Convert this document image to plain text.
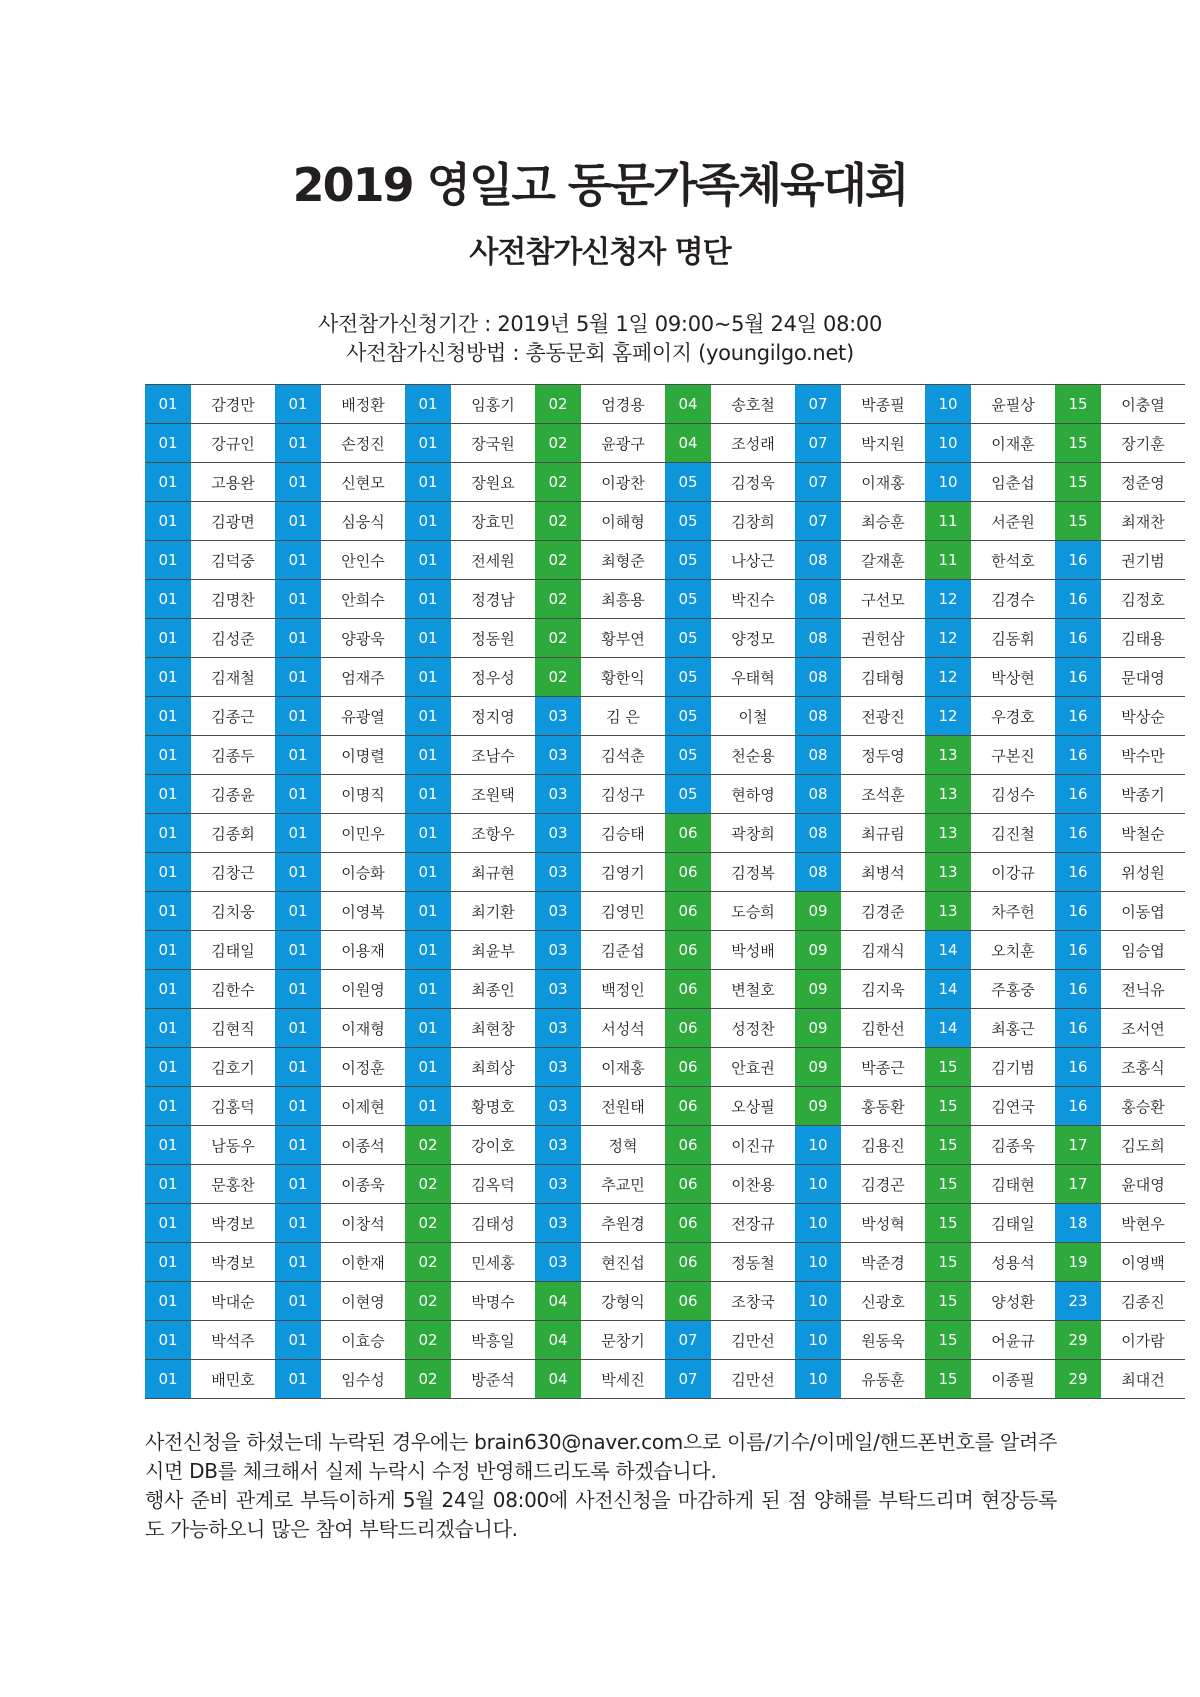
2019 영일고 동문가족체육대회
사전참가신청자 명단
사전참가신청기간 : 2019년 5월 1일 09:00~5월 24일 08:00
사전참가신청방법 : 총동문회 홈페이지 (youngilgo.net)
01	감경만	01	배정환	01	임홍기	02	엄경용	04	송호철	07	박종필	10	윤필상	15	이충열
01	강규인	01	손정진	01	장국원	02	윤광구	04	조성래	07	박지원	10	이재훈	15	장기훈
01	고용완	01	신현모	01	장원요	02	이광찬	05	김정욱	07	이재홍	10	임춘섭	15	정준영
01	김광면	01	심웅식	01	장효민	02	이해형	05	김창희	07	최승훈	11	서준원	15	최재찬
01	김덕중	01	안인수	01	전세원	02	최형준	05	나상근	08	갈재훈	11	한석호	16	권기범
01	김명찬	01	안희수	01	정경남	02	최흥용	05	박진수	08	구선모	12	김경수	16	김정호
01	김성준	01	양광욱	01	정동원	02	황부연	05	양정모	08	권헌삼	12	김동휘	16	김태용
01	김재철	01	엄재주	01	정우성	02	황한익	05	우태혁	08	김태형	12	박상현	16	문대영
01	김종근	01	유광열	01	정지영	03	김 은	05	이철	08	전광진	12	우경호	16	박상순
01	김종두	01	이명렬	01	조남수	03	김석춘	05	천순용	08	정두영	13	구본진	16	박수만
01	김종윤	01	이명직	01	조원택	03	김성구	05	현하영	08	조석훈	13	김성수	16	박종기
01	김종회	01	이민우	01	조항우	03	김승태	06	곽창희	08	최규림	13	김진철	16	박철순
01	김창근	01	이승화	01	최규현	03	김영기	06	김정복	08	최병석	13	이강규	16	위성원
01	김치웅	01	이영복	01	최기환	03	김영민	06	도승희	09	김경준	13	차주헌	16	이동엽
01	김태일	01	이용재	01	최윤부	03	김준섭	06	박성배	09	김재식	14	오치훈	16	임승엽
01	김한수	01	이원영	01	최종인	03	백정인	06	변철호	09	김지욱	14	주홍중	16	전닉유
01	김현직	01	이재형	01	최현창	03	서성석	06	성정찬	09	김한선	14	최홍근	16	조서연
01	김호기	01	이정훈	01	최희상	03	이재홍	06	안효권	09	박종근	15	김기범	16	조홍식
01	김홍덕	01	이제현	01	황명호	03	전원태	06	오상필	09	홍동환	15	김연국	16	홍승환
01	남동우	01	이종석	02	강이호	03	정혁	06	이진규	10	김용진	15	김종욱	17	김도희
01	문홍찬	01	이종욱	02	김옥덕	03	추교민	06	이찬용	10	김경곤	15	김태현	17	윤대영
01	박경보	01	이창석	02	김태성	03	추원경	06	전장규	10	박성혁	15	김태일	18	박현우
01	박경보	01	이한재	02	민세홍	03	현진섭	06	정동철	10	박준경	15	성용석	19	이영백
01	박대순	01	이현영	02	박명수	04	강형익	06	조창국	10	신광호	15	양성환	23	김종진
01	박석주	01	이효승	02	박흥일	04	문창기	07	김만선	10	원동욱	15	어윤규	29	이가람
01	배민호	01	임수성	02	방준석	04	박세진	07	김만선	10	유동훈	15	이종필	29	최대건

사전신청을 하셨는데 누락된 경우에는 brain630@naver.com으로 이름/기수/이메일/핸드폰번호를 알려주시면 DB를 체크해서 실제 누락시 수정 반영해드리도록 하겠습니다.

행사 준비 관계로 부득이하게 5월 24일 08:00에 사전신청을 마감하게 된 점 양해를 부탁드리며 현장등록도 가능하오니 많은 참여 부탁드리겠습니다.
